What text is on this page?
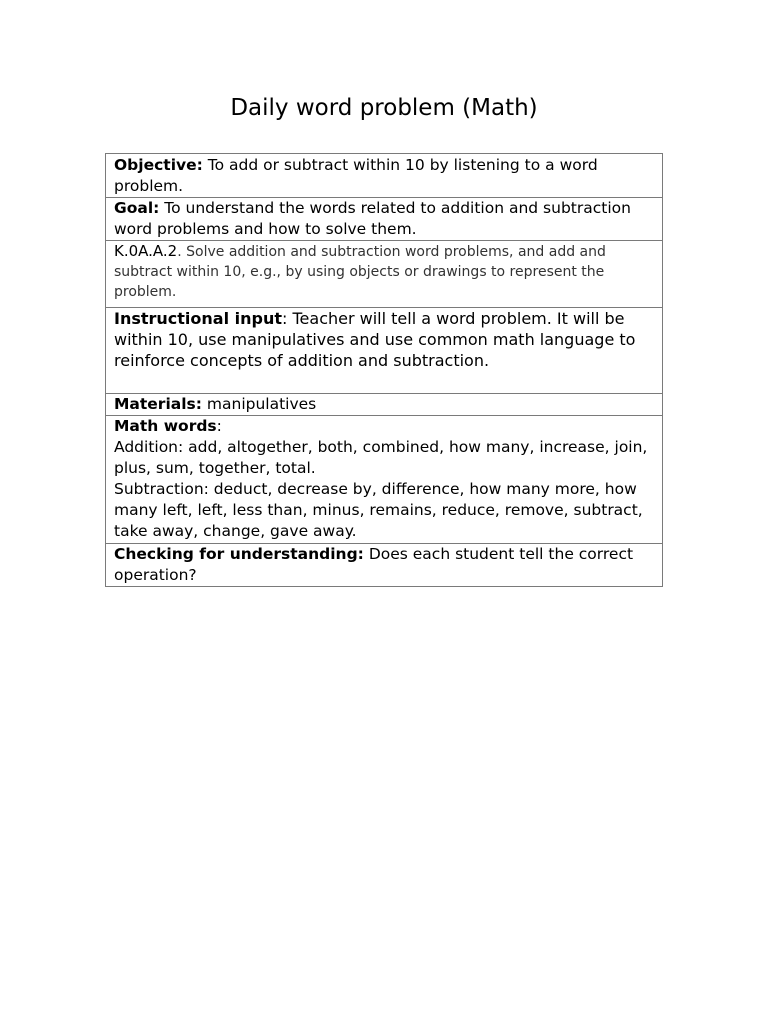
Daily word problem (Math)
Objective: To add or subtract within 10 by listening to a word problem.
Goal: To understand the words related to addition and subtraction word problems and how to solve them.
K.0A.A.2. Solve addition and subtraction word problems, and add and subtract within 10, e.g., by using objects or drawings to represent the problem.
Instructional input: Teacher will tell a word problem. It will be within 10, use manipulatives and use common math language to reinforce concepts of addition and subtraction.
Materials: manipulatives

Math words:
Addition: add, altogether, both, combined, how many, increase, join, plus, sum, together, total.
Subtraction: deduct, decrease by, difference, how many more, how many left, left, less than, minus, remains, reduce, remove, subtract, take away, change, gave away.

Checking for understanding: Does each student tell the correct operation?
